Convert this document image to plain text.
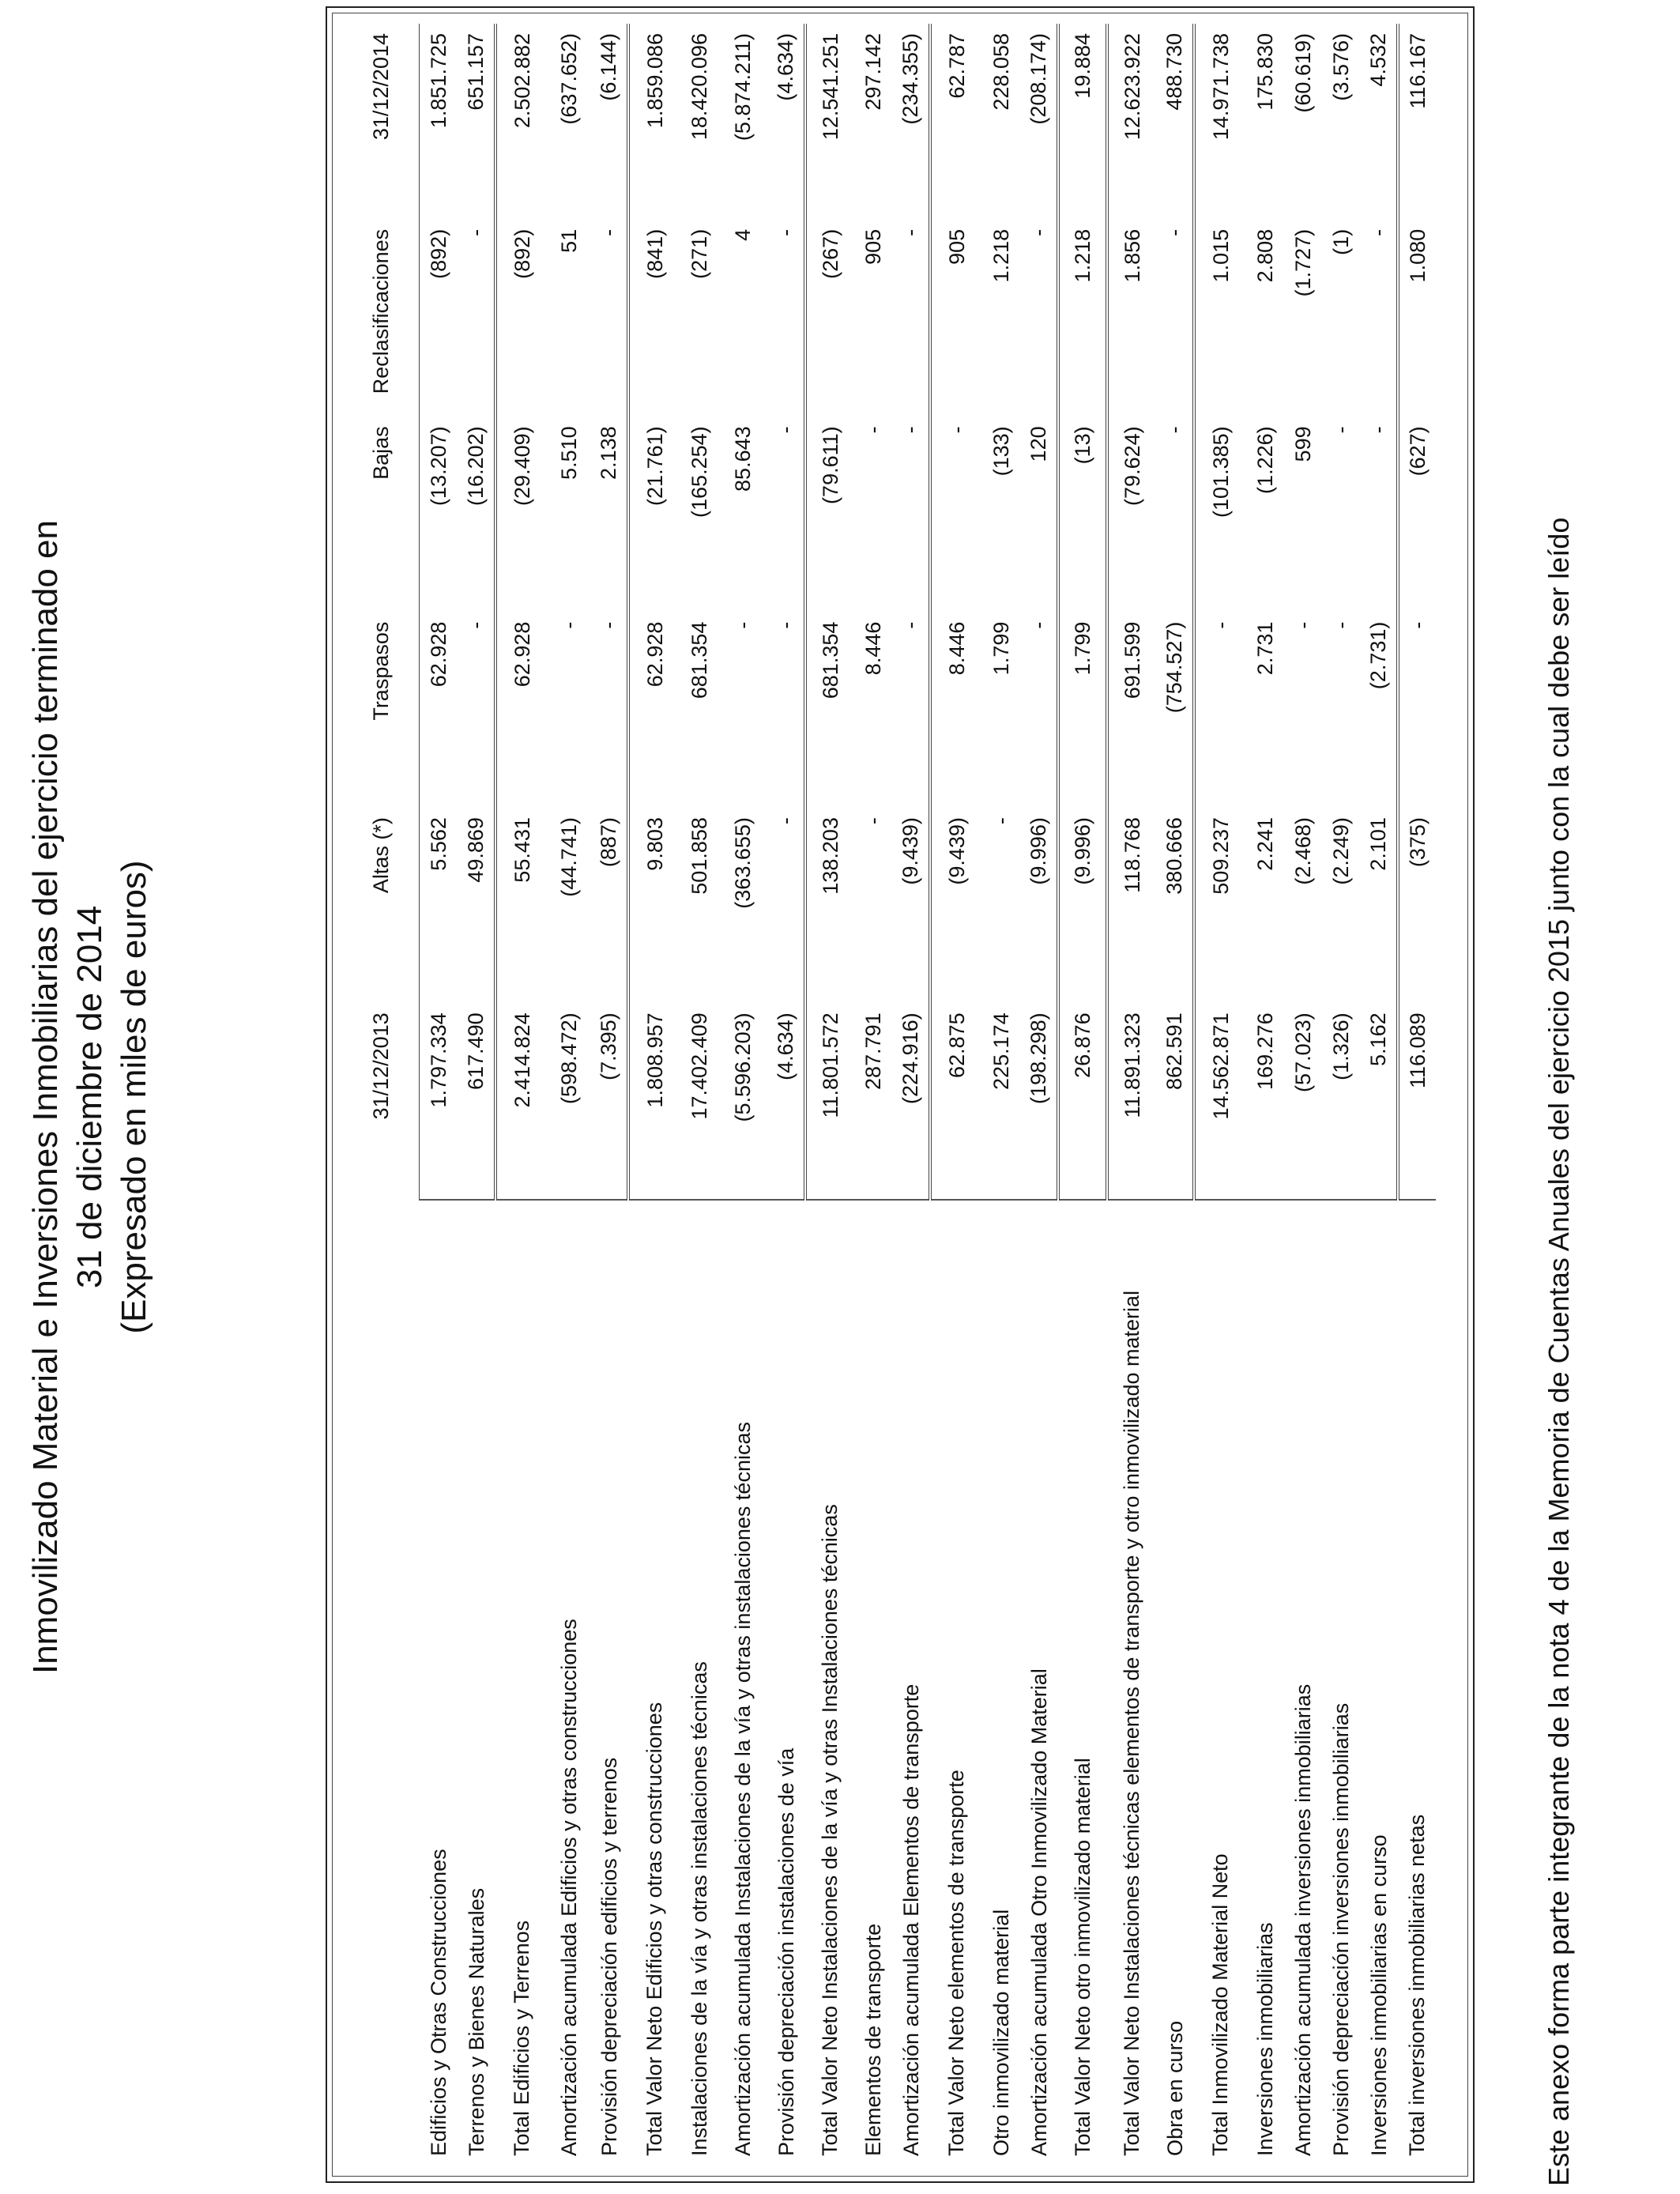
Inmovilizado Material e Inversiones Inmobiliarias del ejercicio terminado en 31 de diciembre de 2014 (Expresado en miles de euros)
		31/12/2013	Altas (*)	Traspasos	Bajas	Reclasificaciones	31/12/2014
Edificios y Otras Construcciones	1.797.334	5.562	62.928	(13.207)	(892)	1.851.725
Terrenos y Bienes Naturales	617.490	49.869	-	(16.202)	-	651.157
Total Edificios y Terrenos	2.414.824	55.431	62.928	(29.409)	(892)	2.502.882
Amortización acumulada Edificios y otras construcciones	(598.472)	(44.741)	-	5.510	51	(637.652)
Provisión depreciación edificios y terrenos	(7.395)	(887)	-	2.138	-	(6.144)
Total Valor Neto Edificios y otras construcciones	1.808.957	9.803	62.928	(21.761)	(841)	1.859.086
Instalaciones de la vía y otras instalaciones técnicas	17.402.409	501.858	681.354	(165.254)	(271)	18.420.096
Amortización acumulada Instalaciones de la vía y otras instalaciones técnicas	(5.596.203)	(363.655)	-	85.643	4	(5.874.211)
Provisión depreciación instalaciones de vía	(4.634)	-	-	-	-	(4.634)
Total Valor Neto Instalaciones de la vía y otras Instalaciones técnicas	11.801.572	138.203	681.354	(79.611)	(267)	12.541.251
Elementos de transporte	287.791	-	8.446	-	905	297.142
Amortización acumulada Elementos de transporte	(224.916)	(9.439)	-	-	-	(234.355)
Total Valor Neto elementos de transporte	62.875	(9.439)	8.446	-	905	62.787
Otro inmovilizado material	225.174	-	1.799	(133)	1.218	228.058
Amortización acumulada Otro Inmovilizado Material	(198.298)	(9.996)	-	120	-	(208.174)
Total Valor Neto otro inmovilizado material	26.876	(9.996)	1.799	(13)	1.218	19.884
Total Valor Neto Instalaciones técnicas elementos de transporte y otro inmovilizado material	11.891.323	118.768	691.599	(79.624)	1.856	12.623.922
Obra en curso	862.591	380.666	(754.527)	-	-	488.730
Total Inmovilizado Material Neto	14.562.871	509.237	-	(101.385)	1.015	14.971.738
Inversiones inmobiliarias	169.276	2.241	2.731	(1.226)	2.808	175.830
Amortización acumulada inversiones inmobiliarias	(57.023)	(2.468)	-	599	(1.727)	(60.619)
Provisión depreciación inversiones inmobiliarias	(1.326)	(2.249)	-	-	(1)	(3.576)
Inversiones inmobiliarias en curso	5.162	2.101	(2.731)	-	-	4.532
Total inversiones inmobiliarias netas	116.089	(375)	-	(627)	1.080	116.167
Este anexo forma parte integrante de la nota 4 de la Memoria de Cuentas Anuales del ejercicio 2015 junto con la cual debe ser leído
